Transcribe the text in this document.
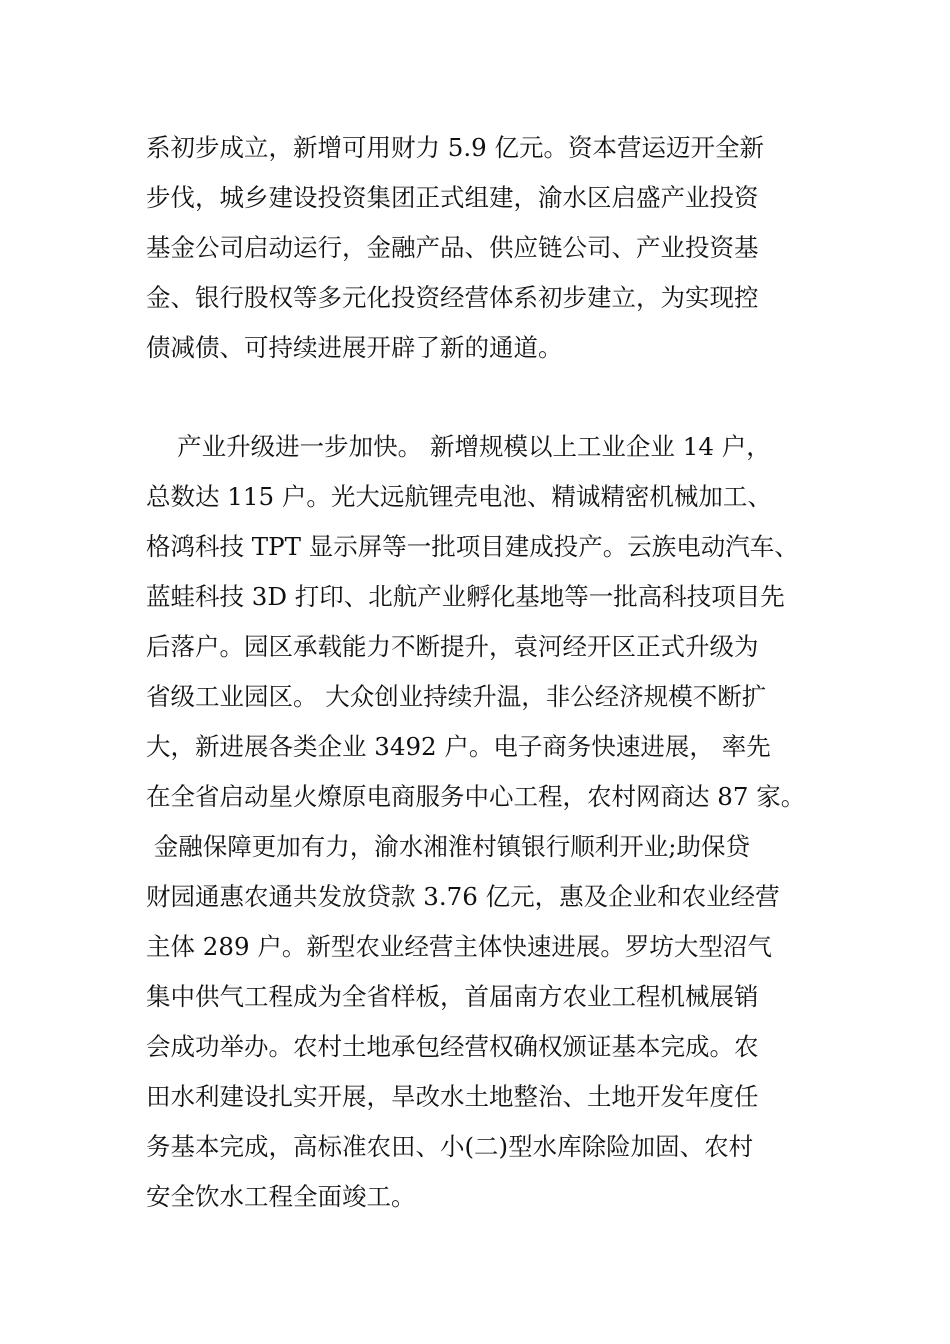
系初步成立，新增可用财力 5.9 亿元。资本营运迈开全新

步伐，城乡建设投资集团正式组建，渝水区启盛产业投资

基金公司启动运行，金融产品、供应链公司、产业投资基

金、银行股权等多元化投资经营体系初步建立，为实现控

债减债、可持续进展开辟了新的通道。

产业升级进一步加快。 新增规模以上工业企业 14 户，

总数达 115 户。光大远航锂壳电池、精诚精密机械加工、

格鸿科技 TPT 显示屏等一批项目建成投产。云族电动汽车、

蓝蛙科技 3D 打印、北航产业孵化基地等一批高科技项目先

后落户。园区承载能力不断提升，袁河经开区正式升级为

省级工业园区。 大众创业持续升温，非公经济规模不断扩

大，新进展各类企业 3492 户。电子商务快速进展， 率先

在全省启动星火燎原电商服务中心工程，农村网商达 87 家。

金融保障更加有力，渝水湘淮村镇银行顺利开业;助保贷

财园通惠农通共发放贷款 3.76 亿元，惠及企业和农业经营

主体 289 户。新型农业经营主体快速进展。罗坊大型沼气

集中供气工程成为全省样板，首届南方农业工程机械展销

会成功举办。农村土地承包经营权确权颁证基本完成。农

田水利建设扎实开展，旱改水土地整治、土地开发年度任

务基本完成，高标准农田、小(二)型水库除险加固、农村

安全饮水工程全面竣工。
